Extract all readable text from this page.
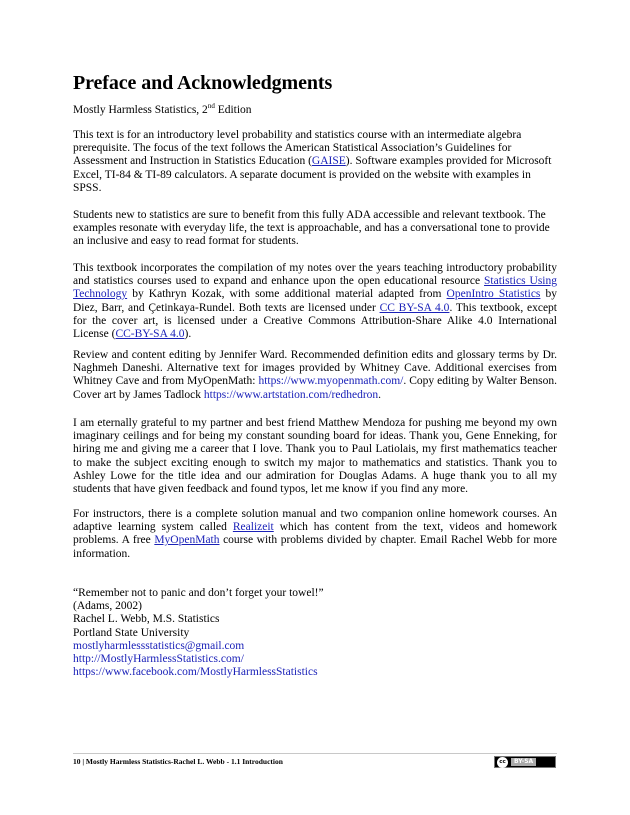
Preface and Acknowledgments
Mostly Harmless Statistics, 2nd Edition
This text is for an introductory level probability and statistics course with an intermediate algebra prerequisite. The focus of the text follows the American Statistical Association’s Guidelines for Assessment and Instruction in Statistics Education (GAISE). Software examples provided for Microsoft Excel, TI-84 & TI-89 calculators. A separate document is provided on the website with examples in SPSS.
Students new to statistics are sure to benefit from this fully ADA accessible and relevant textbook. The examples resonate with everyday life, the text is approachable, and has a conversational tone to provide an inclusive and easy to read format for students.
This textbook incorporates the compilation of my notes over the years teaching introductory probability and statistics courses used to expand and enhance upon the open educational resource Statistics Using Technology by Kathryn Kozak, with some additional material adapted from OpenIntro Statistics by Diez, Barr, and Çetinkaya-Rundel. Both texts are licensed under CC BY-SA 4.0. This textbook, except for the cover art, is licensed under a Creative Commons Attribution-Share Alike 4.0 International License (CC-BY-SA 4.0).
Review and content editing by Jennifer Ward. Recommended definition edits and glossary terms by Dr. Naghmeh Daneshi. Alternative text for images provided by Whitney Cave. Additional exercises from Whitney Cave and from MyOpenMath: https://www.myopenmath.com/. Copy editing by Walter Benson. Cover art by James Tadlock https://www.artstation.com/redhedron.
I am eternally grateful to my partner and best friend Matthew Mendoza for pushing me beyond my own imaginary ceilings and for being my constant sounding board for ideas. Thank you, Gene Enneking, for hiring me and giving me a career that I love. Thank you to Paul Latiolais, my first mathematics teacher to make the subject exciting enough to switch my major to mathematics and statistics. Thank you to Ashley Lowe for the title idea and our admiration for Douglas Adams. A huge thank you to all my students that have given feedback and found typos, let me know if you find any more.
For instructors, there is a complete solution manual and two companion online homework courses. An adaptive learning system called Realizeit which has content from the text, videos and homework problems. A free MyOpenMath course with problems divided by chapter. Email Rachel Webb for more information.
“Remember not to panic and don’t forget your towel!”
(Adams, 2002)
Rachel L. Webb, M.S. Statistics
Portland State University
mostlyharmlessstatistics@gmail.com
http://MostlyHarmlessStatistics.com/
https://www.facebook.com/MostlyHarmlessStatistics
10 | Mostly Harmless Statistics-Rachel L. Webb - 1.1 Introduction	cc	BY-SA
